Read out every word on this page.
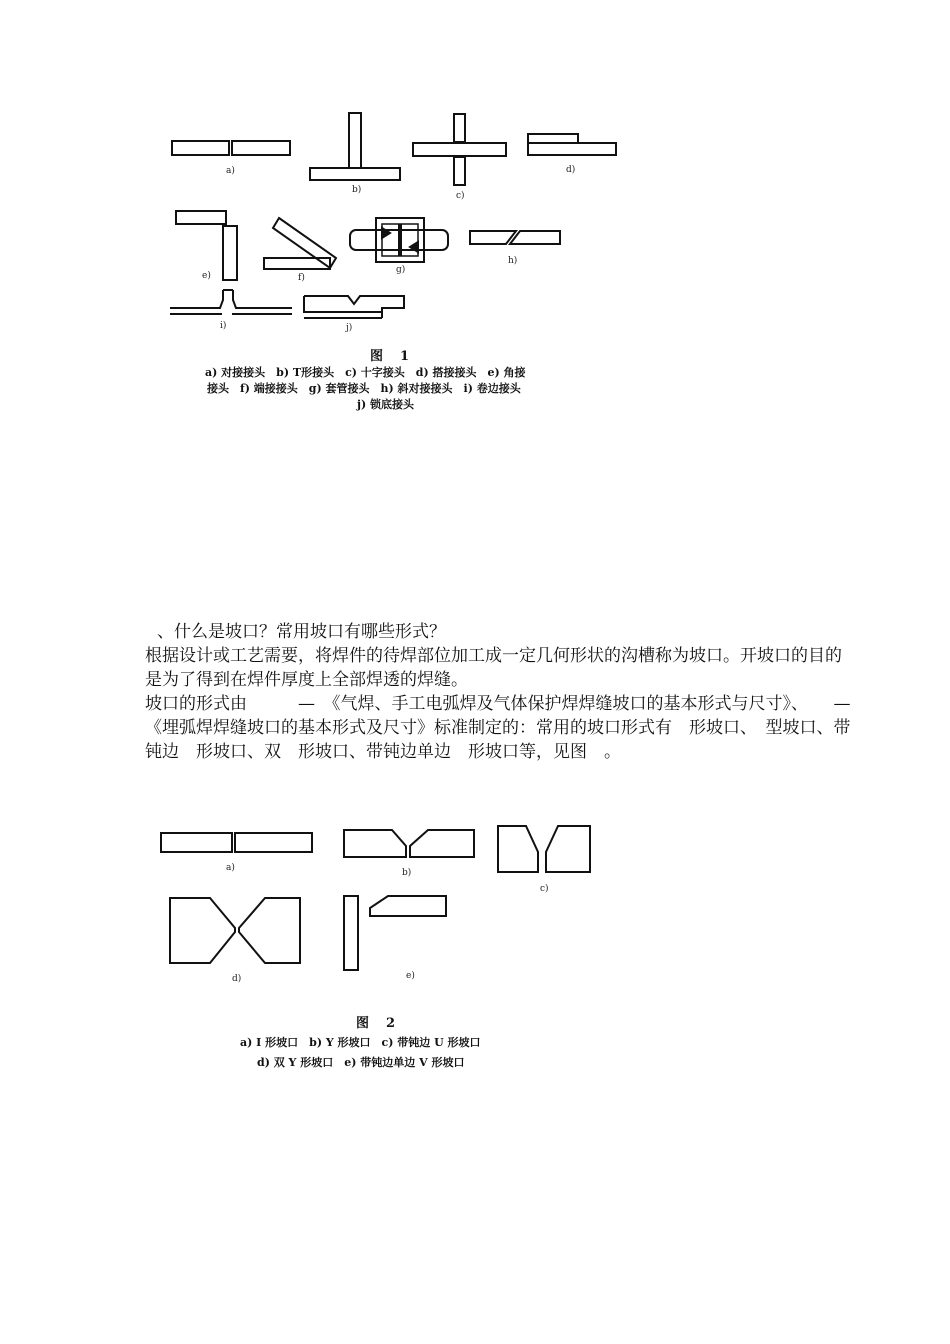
a)
b)
c)
d)
e)	f)
g)
h)
i)	j)
图　1
a) 对接接头　b) T形接头　c) 十字接头　d) 搭接接头　e) 角接
接头　f) 端接接头　g) 套管接头　h) 斜对接接头　i) 卷边接头
j) 锁底接头

、什么是坡口？常用坡口有哪些形式？

根据设计或工艺需要，将焊件的待焊部位加工成一定几何形状的沟槽称为坡口。开坡口的目的是为了得到在焊件厚度上全部焊透的焊缝。

坡口的形式由　　　—　《气焊、手工电弧焊及气体保护焊焊缝坡口的基本形式与尺寸》、　　—　《埋弧焊焊缝坡口的基本形式及尺寸》标准制定的：常用的坡口形式有　形坡口、　型坡口、带钝边　形坡口、双　形坡口、带钝边单边　形坡口等，见图　。

a)	b)
c)
d)	e)
图　2
a) I 形坡口　b) Y 形坡口　c) 带钝边 U 形坡口
d) 双 Y 形坡口　e) 带钝边单边 V 形坡口
